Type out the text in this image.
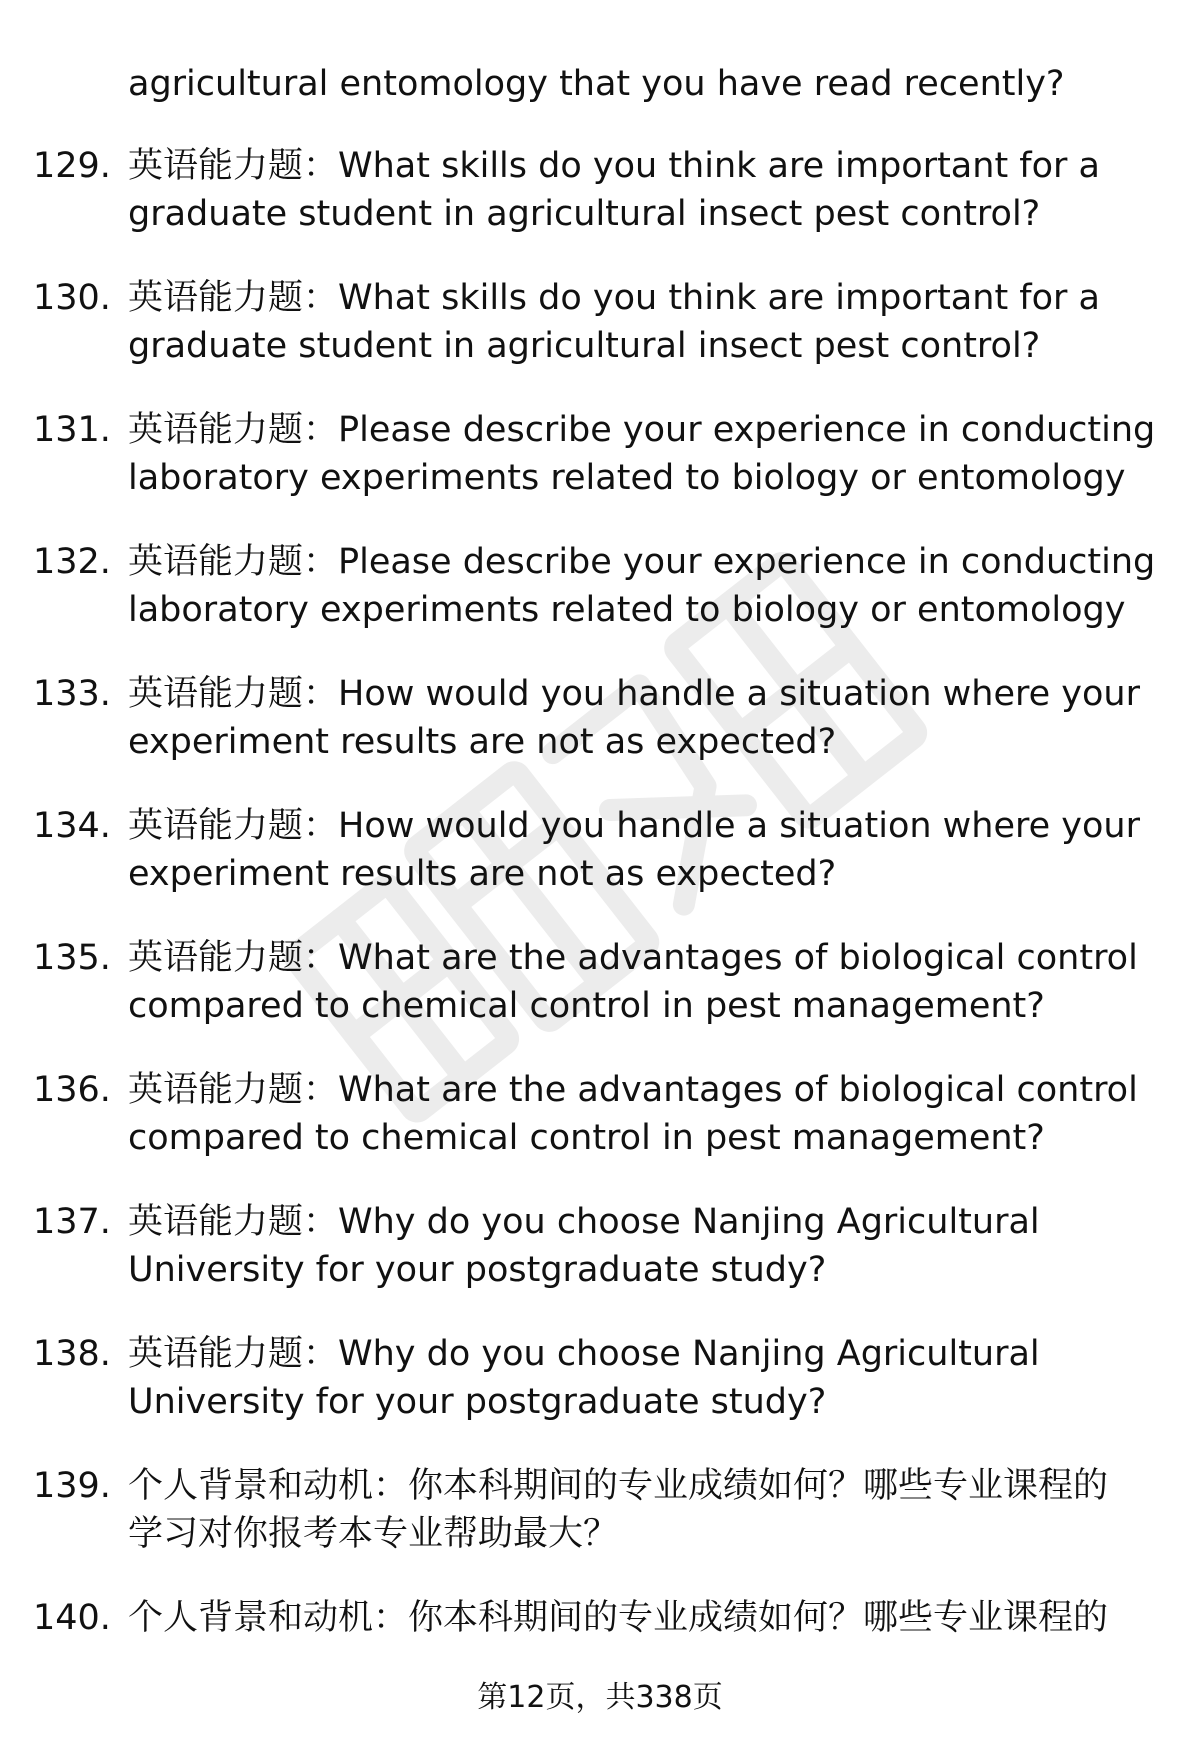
agricultural entomology that you have read recently?
129. 英语能力题：What skills do you think are important for a
graduate student in agricultural insect pest control?
130. 英语能力题：What skills do you think are important for a
graduate student in agricultural insect pest control?
131. 英语能力题：Please describe your experience in conducting
laboratory experiments related to biology or entomology
132. 英语能力题：Please describe your experience in conducting
laboratory experiments related to biology or entomology
133. 英语能力题：How would you handle a situation where your
experiment results are not as expected?
134. 英语能力题：How would you handle a situation where your
experiment results are not as expected?
135. 英语能力题：What are the advantages of biological control
compared to chemical control in pest management?
136. 英语能力题：What are the advantages of biological control
compared to chemical control in pest management?
137. 英语能力题：Why do you choose Nanjing Agricultural
University for your postgraduate study?
138. 英语能力题：Why do you choose Nanjing Agricultural
University for your postgraduate study?
139. 个人背景和动机：你本科期间的专业成绩如何？哪些专业课程的
学习对你报考本专业帮助最大？
140. 个人背景和动机：你本科期间的专业成绩如何？哪些专业课程的
第12页，共338页
